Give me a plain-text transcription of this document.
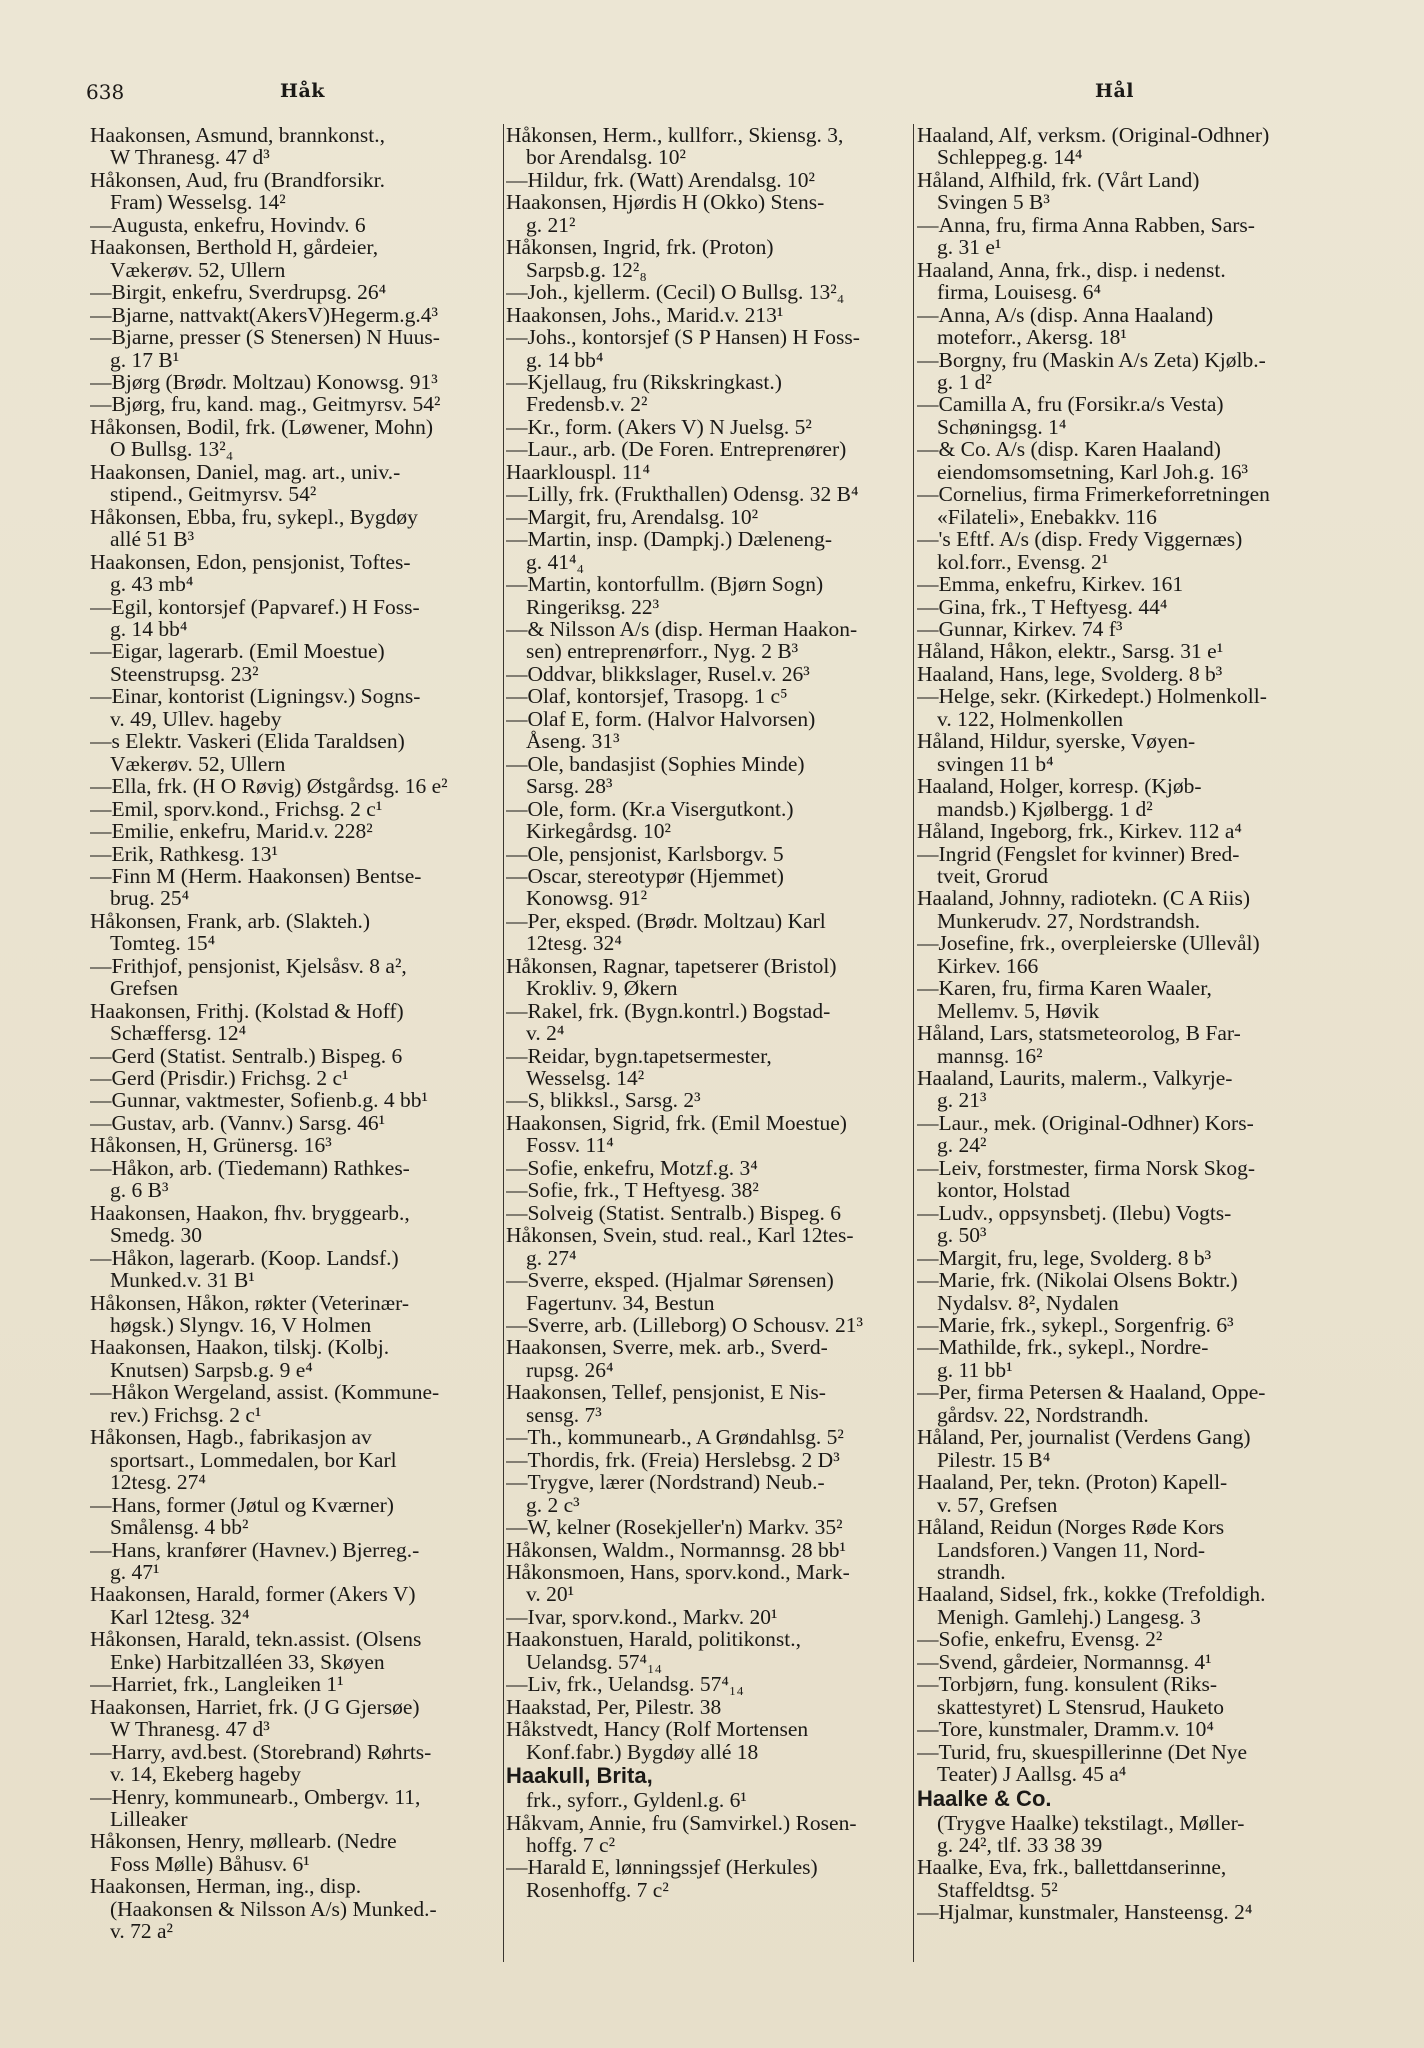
638	Håk	Hål
Haakonsen, Asmund, brannkonst.,
W Thranesg. 47 d³
Håkonsen, Aud, fru (Brandforsikr.
Fram) Wesselsg. 14²
—Augusta, enkefru, Hovindv. 6
Haakonsen, Berthold H, gårdeier,
Vækerøv. 52, Ullern
—Birgit, enkefru, Sverdrupsg. 26⁴
—Bjarne, nattvakt(AkersV)Hegerm.g.4³
—Bjarne, presser (S Stenersen) N Huus-
g. 17 B¹
—Bjørg (Brødr. Moltzau) Konowsg. 91³
—Bjørg, fru, kand. mag., Geitmyrsv. 54²
Håkonsen, Bodil, frk. (Løwener, Mohn)
O Bullsg. 13²₄
Haakonsen, Daniel, mag. art., univ.-
stipend., Geitmyrsv. 54²
Håkonsen, Ebba, fru, sykepl., Bygdøy
allé 51 B³
Haakonsen, Edon, pensjonist, Toftes-
g. 43 mb⁴
—Egil, kontorsjef (Papvaref.) H Foss-
g. 14 bb⁴
—Eigar, lagerarb. (Emil Moestue)
Steenstrupsg. 23²
—Einar, kontorist (Ligningsv.) Sogns-
v. 49, Ullev. hageby
—s Elektr. Vaskeri (Elida Taraldsen)
Vækerøv. 52, Ullern
—Ella, frk. (H O Røvig) Østgårdsg. 16 e²
—Emil, sporv.kond., Frichsg. 2 c¹
—Emilie, enkefru, Marid.v. 228²
—Erik, Rathkesg. 13¹
—Finn M (Herm. Haakonsen) Bentse-
brug. 25⁴
Håkonsen, Frank, arb. (Slakteh.)
Tomteg. 15⁴
—Frithjof, pensjonist, Kjelsåsv. 8 a²,
Grefsen
Haakonsen, Frithj. (Kolstad & Hoff)
Schæffersg. 12⁴
—Gerd (Statist. Sentralb.) Bispeg. 6
—Gerd (Prisdir.) Frichsg. 2 c¹
—Gunnar, vaktmester, Sofienb.g. 4 bb¹
—Gustav, arb. (Vannv.) Sarsg. 46¹
Håkonsen, H, Grünersg. 16³
—Håkon, arb. (Tiedemann) Rathkes-
g. 6 B³
Haakonsen, Haakon, fhv. bryggearb.,
Smedg. 30
—Håkon, lagerarb. (Koop. Landsf.)
Munked.v. 31 B¹
Håkonsen, Håkon, røkter (Veterinær-
høgsk.) Slyngv. 16, V Holmen
Haakonsen, Haakon, tilskj. (Kolbj.
Knutsen) Sarpsb.g. 9 e⁴
—Håkon Wergeland, assist. (Kommune-
rev.) Frichsg. 2 c¹
Håkonsen, Hagb., fabrikasjon av
sportsart., Lommedalen, bor Karl
12tesg. 27⁴
—Hans, former (Jøtul og Kværner)
Smålensg. 4 bb²
—Hans, kranfører (Havnev.) Bjerreg.-
g. 47¹
Haakonsen, Harald, former (Akers V)
Karl 12tesg. 32⁴
Håkonsen, Harald, tekn.assist. (Olsens
Enke) Harbitzalléen 33, Skøyen
—Harriet, frk., Langleiken 1¹
Haakonsen, Harriet, frk. (J G Gjersøe)
W Thranesg. 47 d³
—Harry, avd.best. (Storebrand) Røhrts-
v. 14, Ekeberg hageby
—Henry, kommunearb., Ombergv. 11,
Lilleaker
Håkonsen, Henry, møllearb. (Nedre
Foss Mølle) Båhusv. 6¹
Haakonsen, Herman, ing., disp.
(Haakonsen & Nilsson A/s) Munked.-
v. 72 a²
Håkonsen, Herm., kullforr., Skiensg. 3,
bor Arendalsg. 10²
—Hildur, frk. (Watt) Arendalsg. 10²
Haakonsen, Hjørdis H (Okko) Stens-
g. 21²
Håkonsen, Ingrid, frk. (Proton)
Sarpsb.g. 12²₈
—Joh., kjellerm. (Cecil) O Bullsg. 13²₄
Haakonsen, Johs., Marid.v. 213¹
—Johs., kontorsjef (S P Hansen) H Foss-
g. 14 bb⁴
—Kjellaug, fru (Rikskringkast.)
Fredensb.v. 2²
—Kr., form. (Akers V) N Juelsg. 5²
—Laur., arb. (De Foren. Entreprenører)
Haarklouspl. 11⁴
—Lilly, frk. (Frukthallen) Odensg. 32 B⁴
—Margit, fru, Arendalsg. 10²
—Martin, insp. (Dampkj.) Dæleneng-
g. 41⁴₄
—Martin, kontorfullm. (Bjørn Sogn)
Ringeriksg. 22³
—& Nilsson A/s (disp. Herman Haakon-
sen) entreprenørforr., Nyg. 2 B³
—Oddvar, blikkslager, Rusel.v. 26³
—Olaf, kontorsjef, Trasopg. 1 c⁵
—Olaf E, form. (Halvor Halvorsen)
Åseng. 31³
—Ole, bandasjist (Sophies Minde)
Sarsg. 28³
—Ole, form. (Kr.a Visergutkont.)
Kirkegårdsg. 10²
—Ole, pensjonist, Karlsborgv. 5
—Oscar, stereotypør (Hjemmet)
Konowsg. 91²
—Per, eksped. (Brødr. Moltzau) Karl
12tesg. 32⁴
Håkonsen, Ragnar, tapetserer (Bristol)
Krokliv. 9, Økern
—Rakel, frk. (Bygn.kontrl.) Bogstad-
v. 2⁴
—Reidar, bygn.tapetsermester,
Wesselsg. 14²
—S, blikksl., Sarsg. 2³
Haakonsen, Sigrid, frk. (Emil Moestue)
Fossv. 11⁴
—Sofie, enkefru, Motzf.g. 3⁴
—Sofie, frk., T Heftyesg. 38²
—Solveig (Statist. Sentralb.) Bispeg. 6
Håkonsen, Svein, stud. real., Karl 12tes-
g. 27⁴
—Sverre, eksped. (Hjalmar Sørensen)
Fagertunv. 34, Bestun
—Sverre, arb. (Lilleborg) O Schousv. 21³
Haakonsen, Sverre, mek. arb., Sverd-
rupsg. 26⁴
Haakonsen, Tellef, pensjonist, E Nis-
sensg. 7³
—Th., kommunearb., A Grøndahlsg. 5²
—Thordis, frk. (Freia) Herslebsg. 2 D³
—Trygve, lærer (Nordstrand) Neub.-
g. 2 c³
—W, kelner (Rosekjeller'n) Markv. 35²
Håkonsen, Waldm., Normannsg. 28 bb¹
Håkonsmoen, Hans, sporv.kond., Mark-
v. 20¹
—Ivar, sporv.kond., Markv. 20¹
Haakonstuen, Harald, politikonst.,
Uelandsg. 57⁴₁₄
—Liv, frk., Uelandsg. 57⁴₁₄
Haakstad, Per, Pilestr. 38
Håkstvedt, Hancy (Rolf Mortensen
Konf.fabr.) Bygdøy allé 18
Haakull, Brita,
frk., syforr., Gyldenl.g. 6¹
Håkvam, Annie, fru (Samvirkel.) Rosen-
hoffg. 7 c²
—Harald E, lønningssjef (Herkules)
Rosenhoffg. 7 c²
Haaland, Alf, verksm. (Original-Odhner)
Schleppeg.g. 14⁴
Håland, Alfhild, frk. (Vårt Land)
Svingen 5 B³
—Anna, fru, firma Anna Rabben, Sars-
g. 31 e¹
Haaland, Anna, frk., disp. i nedenst.
firma, Louisesg. 6⁴
—Anna, A/s (disp. Anna Haaland)
moteforr., Akersg. 18¹
—Borgny, fru (Maskin A/s Zeta) Kjølb.-
g. 1 d²
—Camilla A, fru (Forsikr.a/s Vesta)
Schøningsg. 1⁴
—& Co. A/s (disp. Karen Haaland)
eiendomsomsetning, Karl Joh.g. 16³
—Cornelius, firma Frimerkeforretningen
«Filateli», Enebakkv. 116
—'s Eftf. A/s (disp. Fredy Viggernæs)
kol.forr., Evensg. 2¹
—Emma, enkefru, Kirkev. 161
—Gina, frk., T Heftyesg. 44⁴
—Gunnar, Kirkev. 74 f³
Håland, Håkon, elektr., Sarsg. 31 e¹
Haaland, Hans, lege, Svolderg. 8 b³
—Helge, sekr. (Kirkedept.) Holmenkoll-
v. 122, Holmenkollen
Håland, Hildur, syerske, Vøyen-
svingen 11 b⁴
Haaland, Holger, korresp. (Kjøb-
mandsb.) Kjølbergg. 1 d²
Håland, Ingeborg, frk., Kirkev. 112 a⁴
—Ingrid (Fengslet for kvinner) Bred-
tveit, Grorud
Haaland, Johnny, radiotekn. (C A Riis)
Munkerudv. 27, Nordstrandsh.
—Josefine, frk., overpleierske (Ullevål)
Kirkev. 166
—Karen, fru, firma Karen Waaler,
Mellemv. 5, Høvik
Håland, Lars, statsmeteorolog, B Far-
mannsg. 16²
Haaland, Laurits, malerm., Valkyrje-
g. 21³
—Laur., mek. (Original-Odhner) Kors-
g. 24²
—Leiv, forstmester, firma Norsk Skog-
kontor, Holstad
—Ludv., oppsynsbetj. (Ilebu) Vogts-
g. 50³
—Margit, fru, lege, Svolderg. 8 b³
—Marie, frk. (Nikolai Olsens Boktr.)
Nydalsv. 8², Nydalen
—Marie, frk., sykepl., Sorgenfrig. 6³
—Mathilde, frk., sykepl., Nordre-
g. 11 bb¹
—Per, firma Petersen & Haaland, Oppe-
gårdsv. 22, Nordstrandh.
Håland, Per, journalist (Verdens Gang)
Pilestr. 15 B⁴
Haaland, Per, tekn. (Proton) Kapell-
v. 57, Grefsen
Håland, Reidun (Norges Røde Kors
Landsforen.) Vangen 11, Nord-
strandh.
Haaland, Sidsel, frk., kokke (Trefoldigh.
Menigh. Gamlehj.) Langesg. 3
—Sofie, enkefru, Evensg. 2²
—Svend, gårdeier, Normannsg. 4¹
—Torbjørn, fung. konsulent (Riks-
skattestyret) L Stensrud, Hauketo
—Tore, kunstmaler, Dramm.v. 10⁴
—Turid, fru, skuespillerinne (Det Nye
Teater) J Aallsg. 45 a⁴
Haalke & Co.
(Trygve Haalke) tekstilagt., Møller-
g. 24², tlf. 33 38 39
Haalke, Eva, frk., ballettdanserinne,
Staffeldtsg. 5²
—Hjalmar, kunstmaler, Hansteensg. 2⁴
